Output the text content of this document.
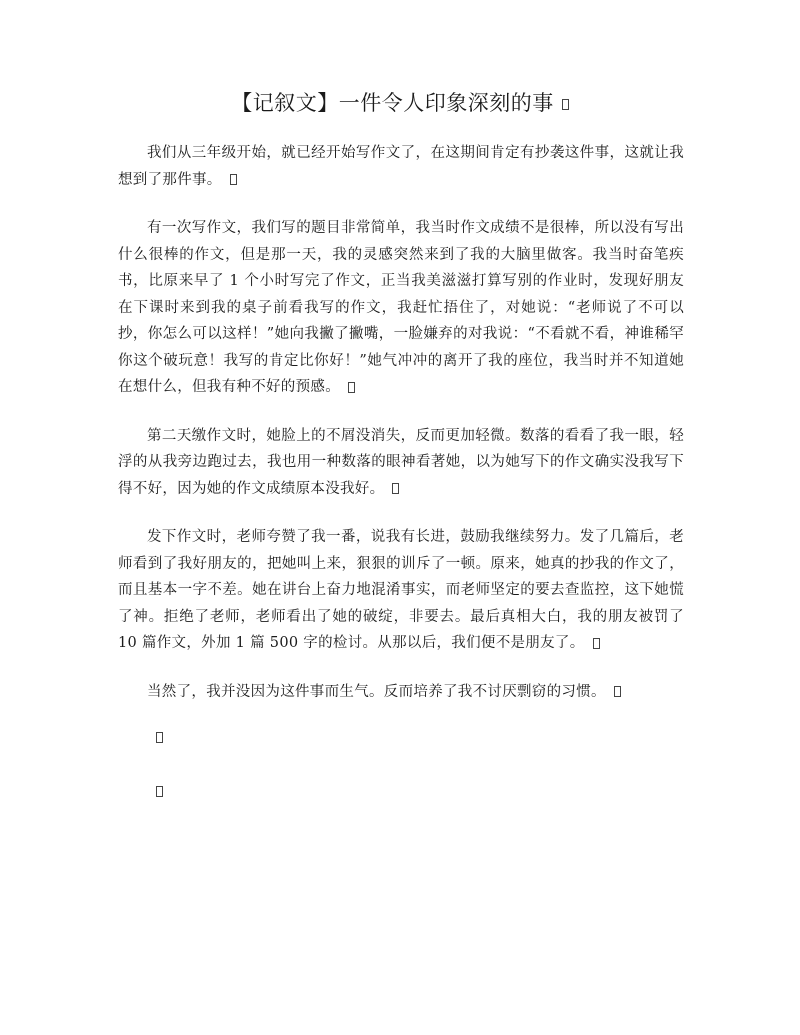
【记叙文】一件令人印象深刻的事

我们从三年级开始，就已经开始写作文了，在这期间肯定有抄袭这件事，这就让我想到了那件事。

有一次写作文，我们写的题目非常简单，我当时作文成绩不是很棒，所以没有写出什么很棒的作文，但是那一天，我的灵感突然来到了我的大脑里做客。我当时奋笔疾书，比原来早了 1 个小时写完了作文，正当我美滋滋打算写别的作业时，发现好朋友在下课时来到我的桌子前看我写的作文，我赶忙捂住了，对她说：“老师说了不可以抄，你怎么可以这样！”她向我撇了撇嘴，一脸嫌弃的对我说：“不看就不看，神谁稀罕你这个破玩意！我写的肯定比你好！”她气冲冲的离开了我的座位，我当时并不知道她在想什么，但我有种不好的预感。

第二天缴作文时，她脸上的不屑没消失，反而更加轻微。数落的看看了我一眼，轻浮的从我旁边跑过去，我也用一种数落的眼神看著她，以为她写下的作文确实没我写下得不好，因为她的作文成绩原本没我好。

发下作文时，老师夸赞了我一番，说我有长进，鼓励我继续努力。发了几篇后，老师看到了我好朋友的，把她叫上来，狠狠的训斥了一顿。原来，她真的抄我的作文了，而且基本一字不差。她在讲台上奋力地混淆事实，而老师坚定的要去查监控，这下她慌了神。拒绝了老师，老师看出了她的破绽，非要去。最后真相大白，我的朋友被罚了 10 篇作文，外加 1 篇 500 字的检讨。从那以后，我们便不是朋友了。

当然了，我并没因为这件事而生气。反而培养了我不讨厌剽窃的习惯。
